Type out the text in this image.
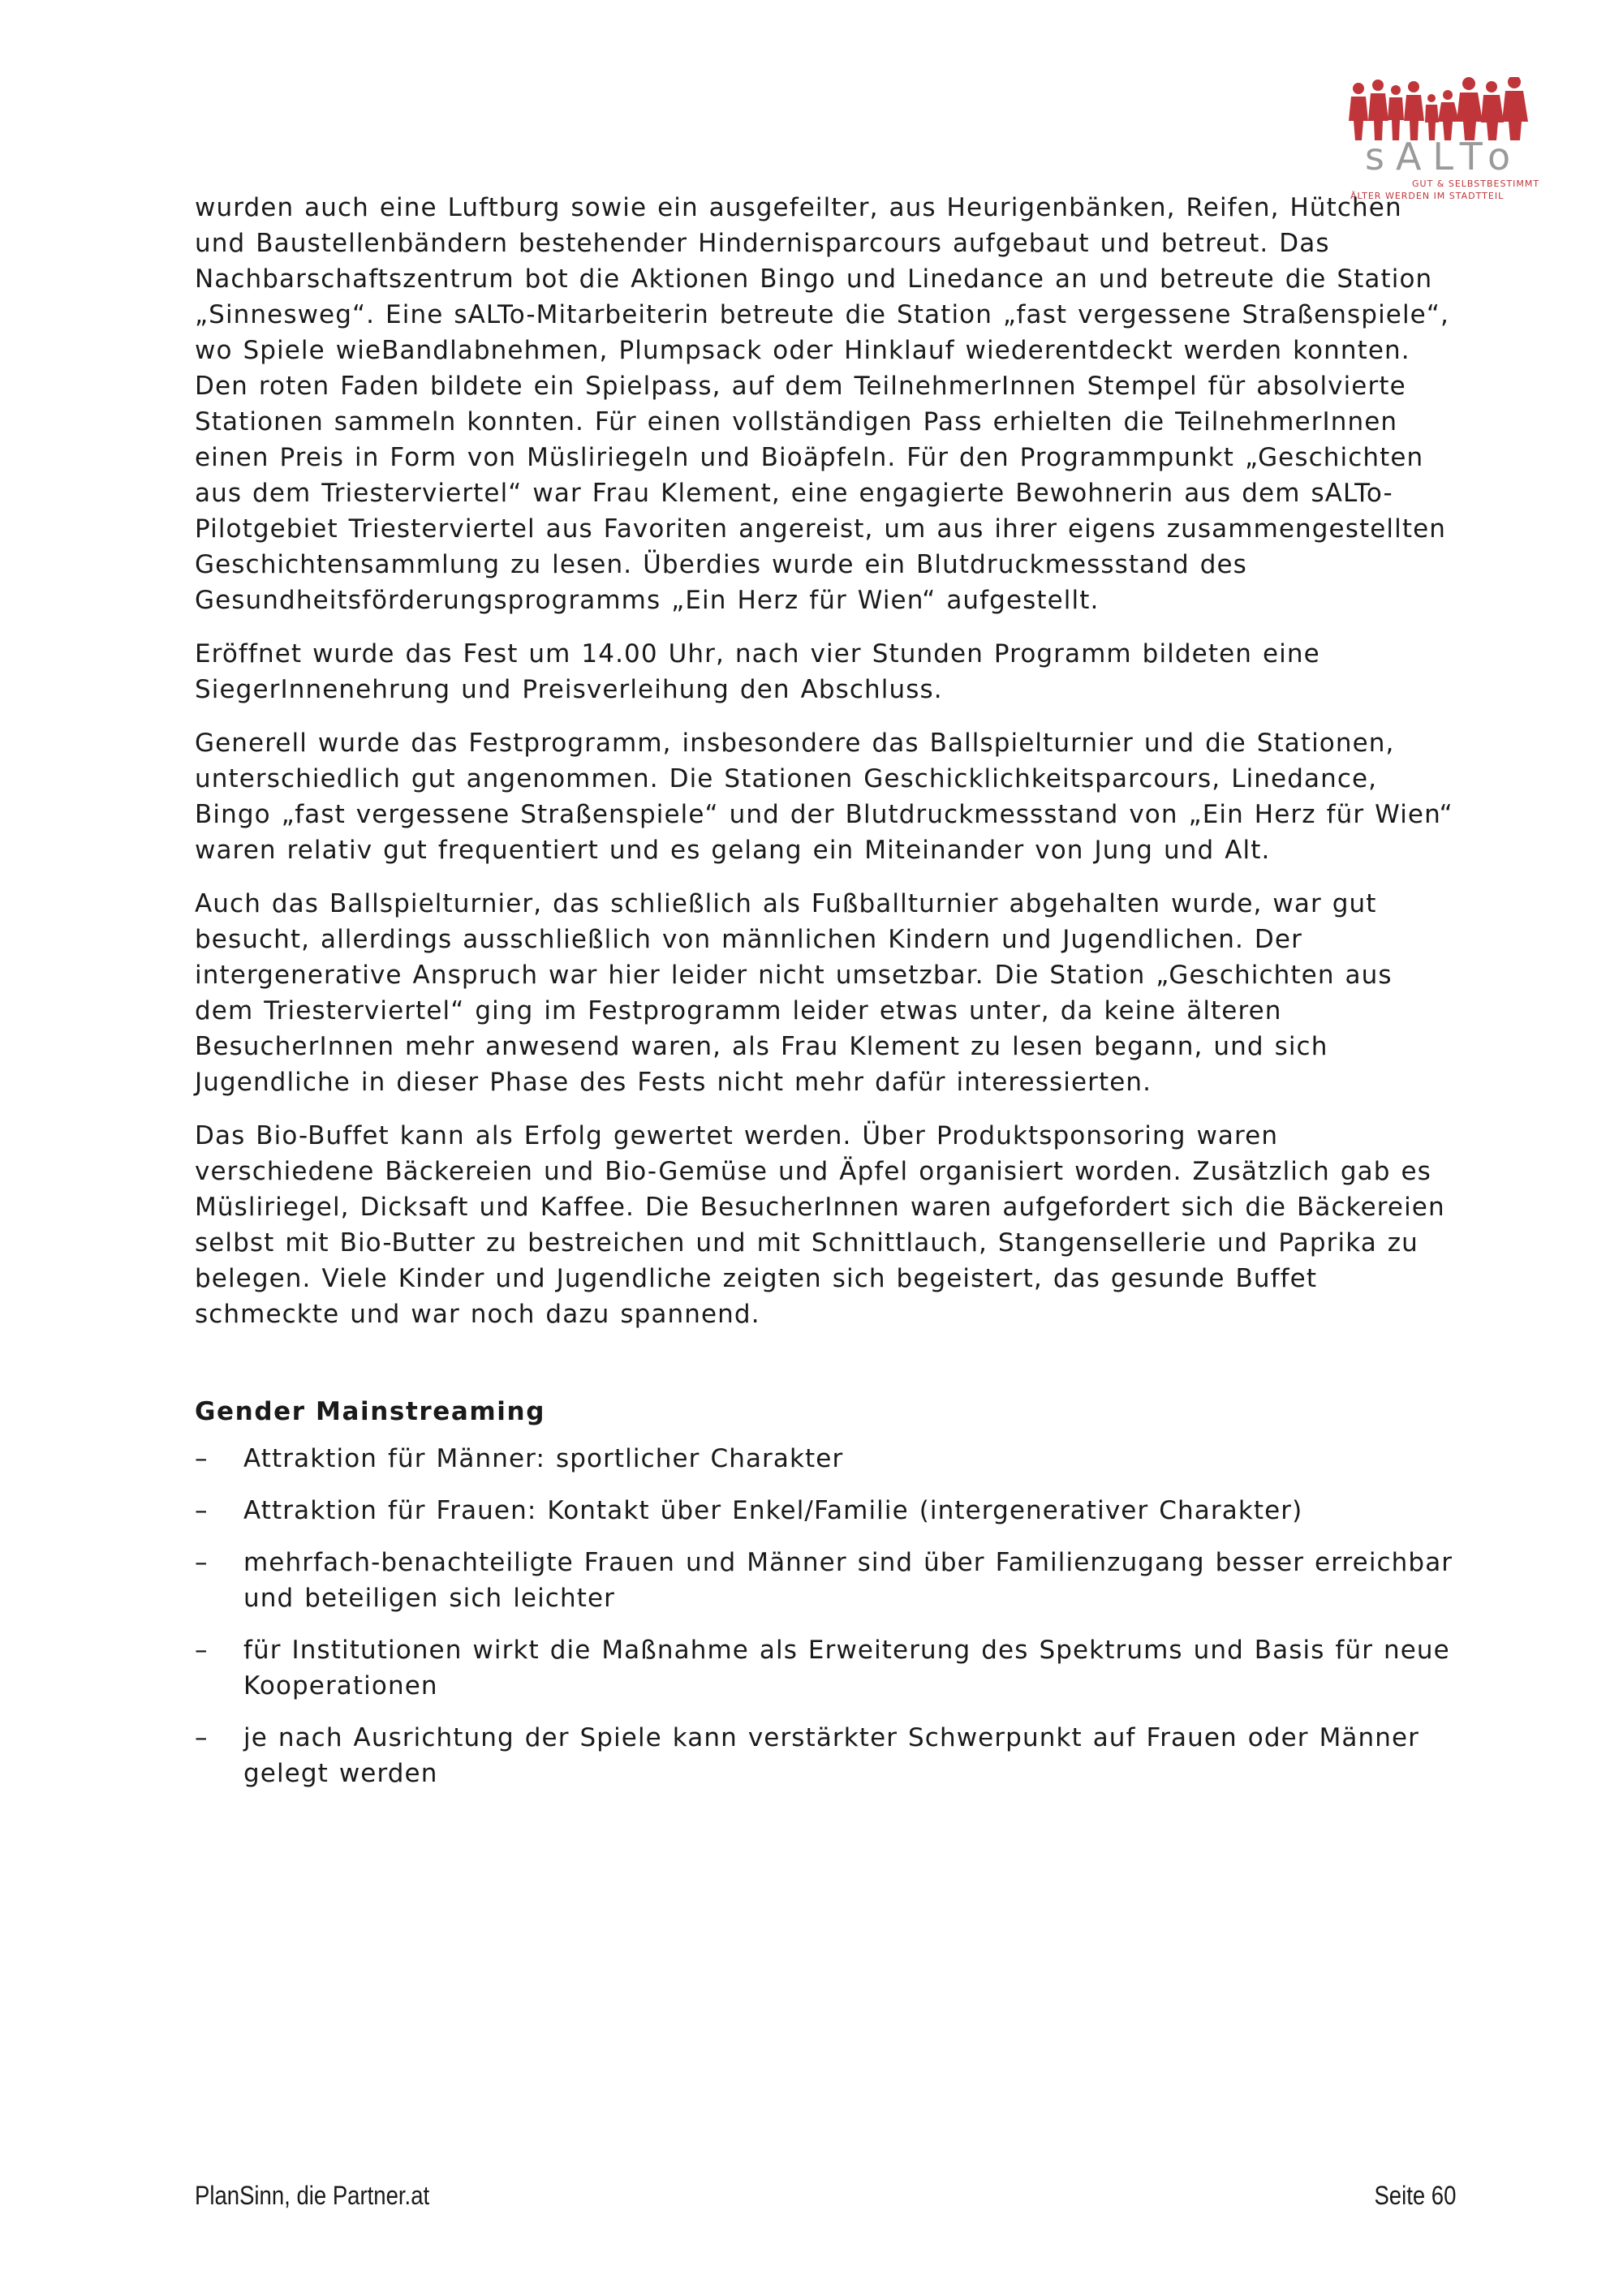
sALTo
GUT & SELBSTBESTIMMT
ÄLTER WERDEN IM STADTTEIL

wurden auch eine Luftburg sowie ein ausgefeilter, aus Heurigenbänken, Reifen, Hütchen und Baustellenbändern bestehender Hindernisparcours aufgebaut und betreut. Das Nachbarschaftszentrum bot die Aktionen Bingo und Linedance an und betreute die Station „Sinnesweg“. Eine sALTo-Mitarbeiterin betreute die Station „fast vergessene Straßenspiele“, wo Spiele wieBandlabnehmen, Plumpsack oder Hinklauf wiederentdeckt werden konnten. Den roten Faden bildete ein Spielpass, auf dem TeilnehmerInnen Stempel für absolvierte Stationen sammeln konnten. Für einen vollständigen Pass erhielten die TeilnehmerInnen einen Preis in Form von Müsliriegeln und Bioäpfeln. Für den Programmpunkt „Geschichten aus dem Triesterviertel“ war Frau Klement, eine engagierte Bewohnerin aus dem sALTo-Pilotgebiet Triesterviertel aus Favoriten angereist, um aus ihrer eigens zusammengestellten Geschichtensammlung zu lesen. Überdies wurde ein Blutdruckmessstand des Gesundheitsförderungsprogramms „Ein Herz für Wien“ aufgestellt.

Eröffnet wurde das Fest um 14.00 Uhr, nach vier Stunden Programm bildeten eine SiegerInnenehrung und Preisverleihung den Abschluss.

Generell wurde das Festprogramm, insbesondere das Ballspielturnier und die Stationen, unterschiedlich gut angenommen. Die Stationen Geschicklichkeitsparcours, Linedance, Bingo „fast vergessene Straßenspiele“ und der Blutdruckmessstand von „Ein Herz für Wien“ waren relativ gut frequentiert und es gelang ein Miteinander von Jung und Alt.

Auch das Ballspielturnier, das schließlich als Fußballturnier abgehalten wurde, war gut besucht, allerdings ausschließlich von männlichen Kindern und Jugendlichen. Der intergenerative Anspruch war hier leider nicht umsetzbar. Die Station „Geschichten aus dem Triesterviertel“ ging im Festprogramm leider etwas unter, da keine älteren BesucherInnen mehr anwesend waren, als Frau Klement zu lesen begann, und sich Jugendliche in dieser Phase des Fests nicht mehr dafür interessierten.

Das Bio-Buffet kann als Erfolg gewertet werden. Über Produktsponsoring waren verschiedene Bäckereien und Bio-Gemüse und Äpfel organisiert worden. Zusätzlich gab es Müsliriegel, Dicksaft und Kaffee. Die BesucherInnen waren aufgefordert sich die Bäckereien selbst mit Bio-Butter zu bestreichen und mit Schnittlauch, Stangensellerie und Paprika zu belegen. Viele Kinder und Jugendliche zeigten sich begeistert, das gesunde Buffet schmeckte und war noch dazu spannend.

Gender Mainstreaming
– Attraktion für Männer: sportlicher Charakter
– Attraktion für Frauen: Kontakt über Enkel/Familie (intergenerativer Charakter)
– mehrfach-benachteiligte Frauen und Männer sind über Familienzugang besser erreichbar und beteiligen sich leichter
– für Institutionen wirkt die Maßnahme als Erweiterung des Spektrums und Basis für neue Kooperationen
– je nach Ausrichtung der Spiele kann verstärkter Schwerpunkt auf Frauen oder Männer gelegt werden
PlanSinn, die Partner.at	Seite 60
